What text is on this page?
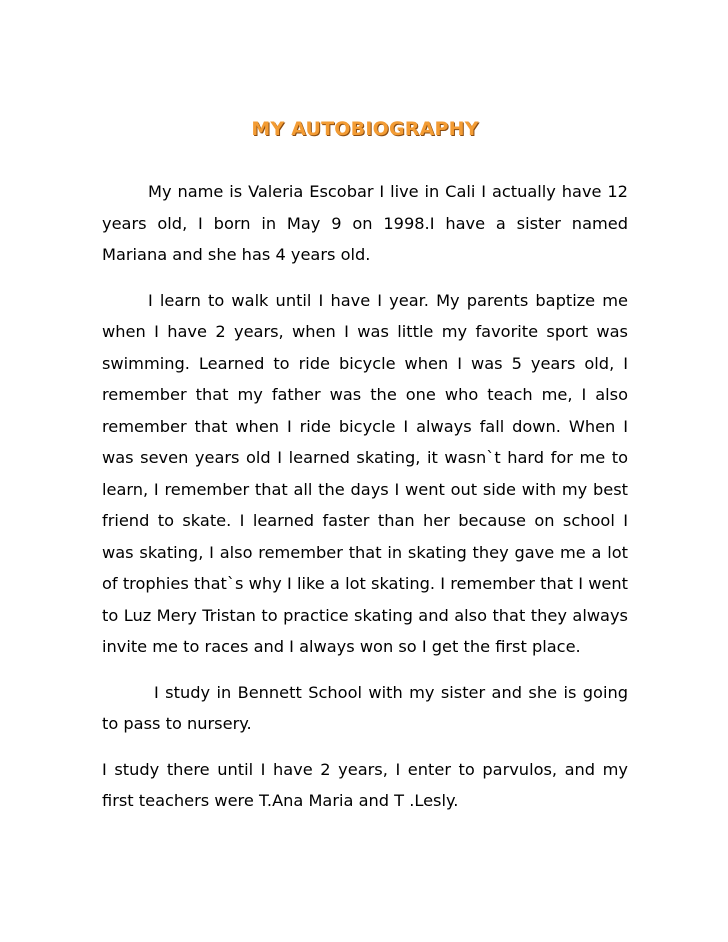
MY AUTOBIOGRAPHY

My name is Valeria Escobar I live in Cali I actually have 12 years old, I born in May 9 on 1998.I have a sister named Mariana and she has 4 years old.

I learn to walk until I have I year. My parents baptize me when I have 2 years, when I was little my favorite sport was swimming. Learned to ride bicycle when I was 5 years old, I remember that my father was the one who teach me, I also remember that when I ride bicycle I always fall down. When I was seven years old I learned skating, it wasn`t hard for me to learn, I remember that all the days I went out side with my best friend to skate. I learned faster than her because on school I was skating, I also remember that in skating they gave me a lot of trophies that`s why I like a lot skating. I remember that I went to Luz Mery Tristan to practice skating and also that they always invite me to races and I always won so I get the first place.

I study in Bennett School with my sister and she is going to pass to nursery.

I study there until I have 2 years, I enter to parvulos, and my first teachers were T.Ana Maria and T .Lesly.
